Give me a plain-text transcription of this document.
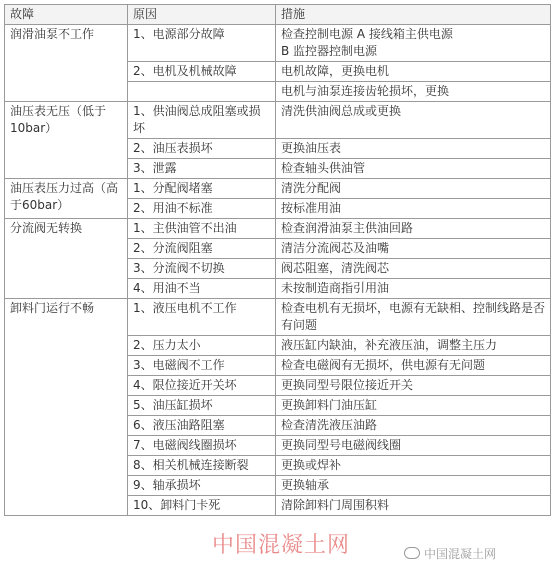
故障	原因	措施
润滑油泵不工作	1、电源部分故障	检查控制电源 A 接线箱主供电源
B 监控器控制电源

	2、电机及机械故障	电机故障，更换电机

		电机与油泵连接齿轮损坏，更换

油压表无压（低于10bar）	1、供油阀总成阻塞或损坏	清洗供油阀总成或更换

	2、油压表损坏	更换油压表

	3、泄露	检查轴头供油管

油压表压力过高（高于60bar）	1、分配阀堵塞	清洗分配阀

	2、用油不标准	按标准用油

分流阀无转换	1、主供油管不出油	检查润滑油泵主供油回路

	2、分流阀阻塞	清洁分流阀芯及油嘴

	3、分流阀不切换	阀芯阻塞，清洗阀芯

	4、用油不当	未按制造商指引用油

卸料门运行不畅	1、液压电机不工作	检查电机有无损坏，电源有无缺相、控制线路是否有问题

	2、压力太小	液压缸内缺油，补充液压油，调整主压力

	3、电磁阀不工作	检查电磁阀有无损坏，供电源有无问题

	4、限位接近开关坏	更换同型号限位接近开关

	5、油压缸损坏	更换卸料门油压缸

	6、液压油路阻塞	检查清洗液压油路

	7、电磁阀线圈损坏	更换同型号电磁阀线圈

	8、相关机械连接断裂	更换或焊补

	9、轴承损坏	更换轴承

	10、卸料门卡死	清除卸料门周围积料
中国混凝土网	中国混凝土网
